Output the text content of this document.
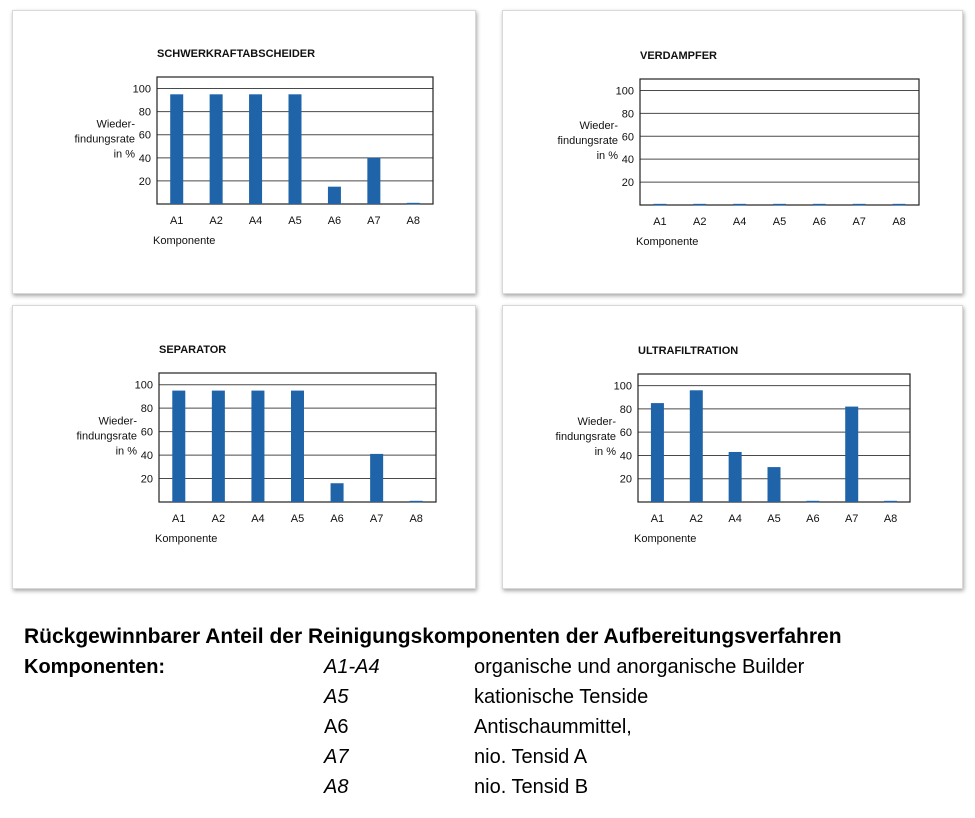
SCHWERKRAFTABSCHEIDER
20
40
60
80
100
A1 A2 A4 A5 A6 A7 A8
Wieder-
findungsrate
in %
Komponente
VERDAMPFER
20
40
60
80
100
A1 A2 A4 A5 A6 A7 A8
Wieder-
findungsrate
in %
Komponente
SEPARATOR
20
40
60
80
100
A1 A2 A4 A5 A6 A7 A8
Wieder-
findungsrate
in %
Komponente
ULTRAFILTRATION
20
40
60
80
100
A1 A2 A4 A5 A6 A7 A8
Wieder-
findungsrate
in %
Komponente
Rückgewinnbarer Anteil der Reinigungskomponenten der Aufbereitungsverfahren
Komponenten:	A1-A4	organische und anorganische Builder
A5	kationische Tenside
A6	Antischaummittel,
A7	nio. Tensid A
A8	nio. Tensid B
